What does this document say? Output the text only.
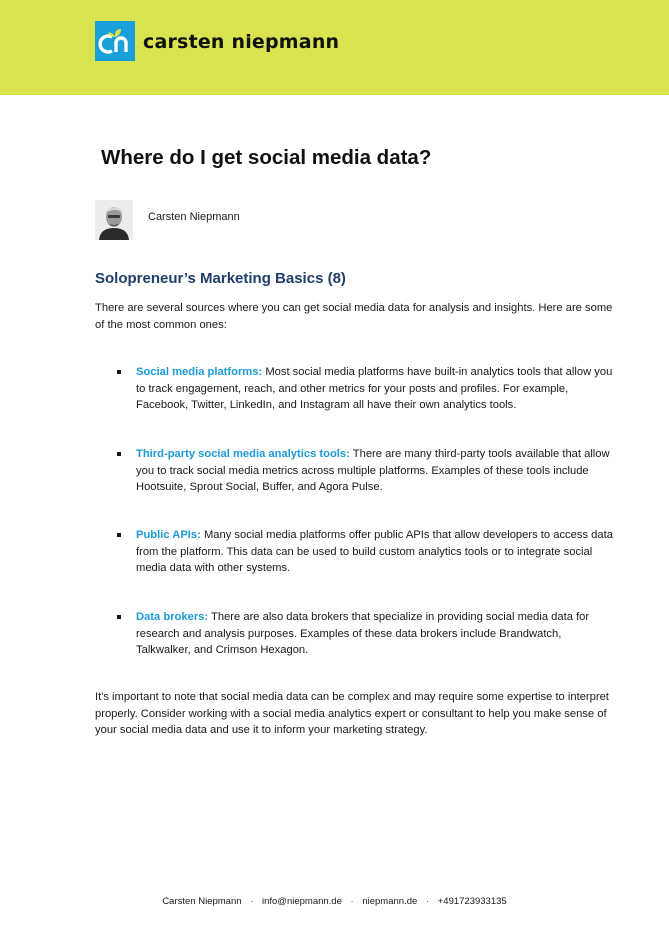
carsten niepmann
Where do I get social media data?
Carsten Niepmann
Solopreneur’s Marketing Basics (8)

There are several sources where you can get social media data for analysis and insights. Here are some of the most common ones:

Social media platforms: Most social media platforms have built-in analytics tools that allow you to track engagement, reach, and other metrics for your posts and profiles. For example, Facebook, Twitter, LinkedIn, and Instagram all have their own analytics tools.
Third-party social media analytics tools: There are many third-party tools available that allow you to track social media metrics across multiple platforms. Examples of these tools include Hootsuite, Sprout Social, Buffer, and Agora Pulse.
Public APIs: Many social media platforms offer public APIs that allow developers to access data from the platform. This data can be used to build custom analytics tools or to integrate social media data with other systems.
Data brokers: There are also data brokers that specialize in providing social media data for research and analysis purposes. Examples of these data brokers include Brandwatch, Talkwalker, and Crimson Hexagon.

It's important to note that social media data can be complex and may require some expertise to interpret properly. Consider working with a social media analytics expert or consultant to help you make sense of your social media data and use it to inform your marketing strategy.

Carsten Niepmann · info@niepmann.de · niepmann.de · +491723933135
